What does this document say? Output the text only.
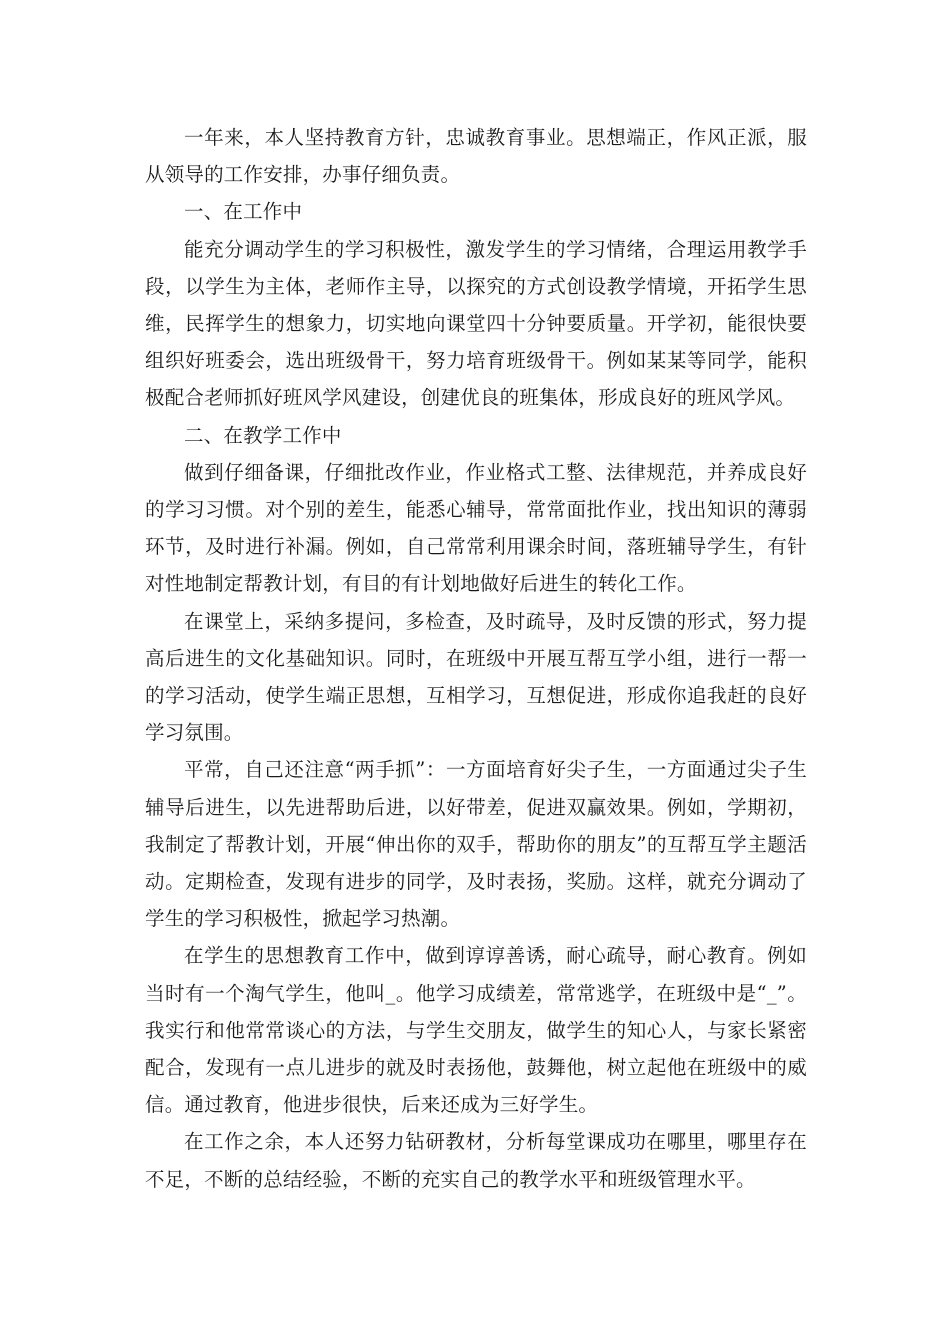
一年来，本人坚持教育方针，忠诚教育事业。思想端正，作风正派，服从领导的工作安排，办事仔细负责。

一、在工作中

能充分调动学生的学习积极性，激发学生的学习情绪，合理运用教学手段，以学生为主体，老师作主导，以探究的方式创设教学情境，开拓学生思维，民挥学生的想象力，切实地向课堂四十分钟要质量。开学初，能很快要组织好班委会，选出班级骨干，努力培育班级骨干。例如某某等同学，能积极配合老师抓好班风学风建设，创建优良的班集体，形成良好的班风学风。

二、在教学工作中

做到仔细备课，仔细批改作业，作业格式工整、法律规范，并养成良好的学习习惯。对个别的差生，能悉心辅导，常常面批作业，找出知识的薄弱环节，及时进行补漏。例如，自己常常利用课余时间，落班辅导学生，有针对性地制定帮教计划，有目的有计划地做好后进生的转化工作。

在课堂上，采纳多提问，多检查，及时疏导，及时反馈的形式，努力提高后进生的文化基础知识。同时，在班级中开展互帮互学小组，进行一帮一的学习活动，使学生端正思想，互相学习，互想促进，形成你追我赶的良好学习氛围。

平常，自己还注意“两手抓”：一方面培育好尖子生，一方面通过尖子生辅导后进生，以先进帮助后进，以好带差，促进双赢效果。例如，学期初，我制定了帮教计划，开展“伸出你的双手，帮助你的朋友”的互帮互学主题活动。定期检查，发现有进步的同学，及时表扬，奖励。这样，就充分调动了学生的学习积极性，掀起学习热潮。

在学生的思想教育工作中，做到谆谆善诱，耐心疏导，耐心教育。例如当时有一个淘气学生，他叫_。他学习成绩差，常常逃学，在班级中是“_”。我实行和他常常谈心的方法，与学生交朋友，做学生的知心人，与家长紧密配合，发现有一点儿进步的就及时表扬他，鼓舞他，树立起他在班级中的威信。通过教育，他进步很快，后来还成为三好学生。

在工作之余，本人还努力钻研教材，分析每堂课成功在哪里，哪里存在不足，不断的总结经验，不断的充实自己的教学水平和班级管理水平。
